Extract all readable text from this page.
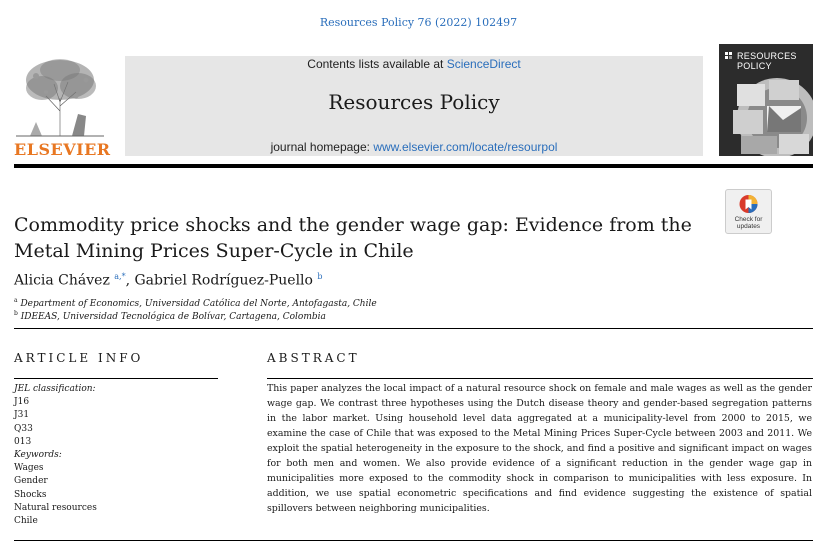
Resources Policy 76 (2022) 102497
ELSEVIER
Contents lists available at ScienceDirect
Resources Policy
journal homepage: www.elsevier.com/locate/resourpol
RESOURCES
POLICY
Check for
updates
Commodity price shocks and the gender wage gap: Evidence from the Metal Mining Prices Super-Cycle in Chile
Alicia Chávez $^{a,*}$, Gabriel Rodríguez-Puello $^b$
$^a$ Department of Economics, Universidad Católica del Norte, Antofagasta, Chile
$^b$ IDEEAS, Universidad Tecnológica de Bolívar, Cartagena, Colombia
ARTICLE INFO
JEL classification:
J16
J31
Q33
013
Keywords:
Wages
Gender
Shocks
Natural resources
Chile
ABSTRACT
This paper analyzes the local impact of a natural resource shock on female and male wages as well as the gender wage gap. We contrast three hypotheses using the Dutch disease theory and gender-based segregation patterns in the labor market. Using household level data aggregated at a municipality-level from 2000 to 2015, we examine the case of Chile that was exposed to the Metal Mining Prices Super-Cycle between 2003 and 2011. We exploit the spatial heterogeneity in the exposure to the shock, and find a positive and significant impact on wages for both men and women. We also provide evidence of a significant reduction in the gender wage gap in municipalities more exposed to the commodity shock in comparison to municipalities with less exposure. In addition, we use spatial econometric specifications and find evidence suggesting the existence of spatial spillovers between neighboring municipalities.
